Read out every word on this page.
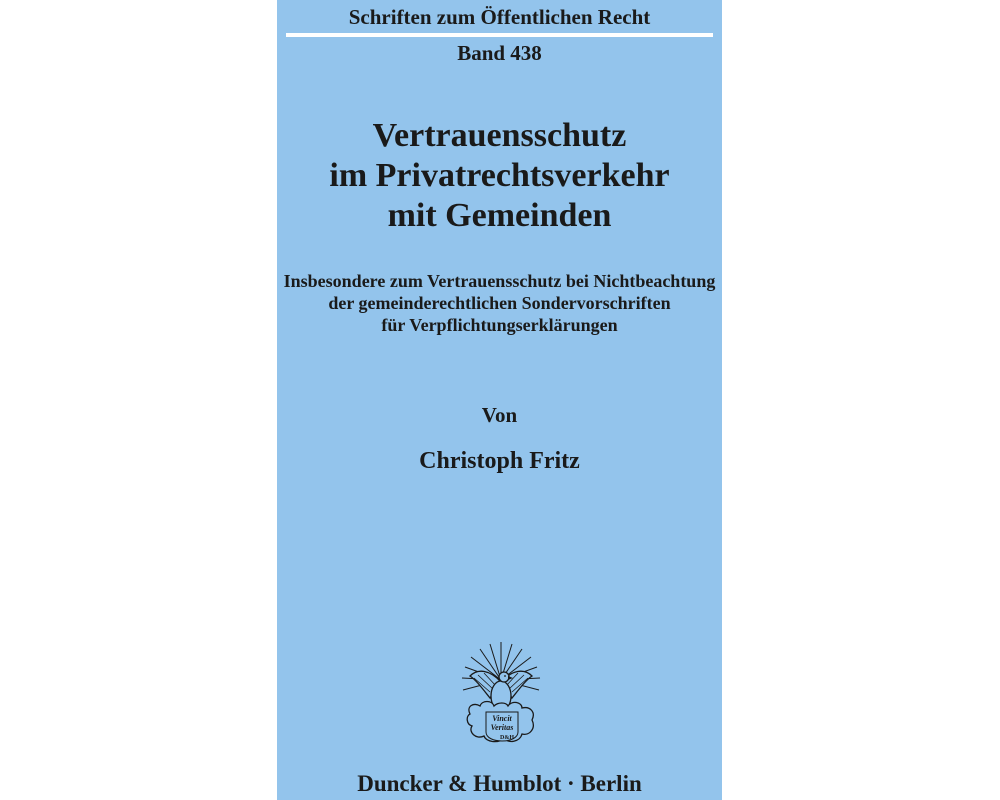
Schriften zum Öffentlichen Recht
Band 438
Vertrauensschutz
im Privatrechtsverkehr
mit Gemeinden
Insbesondere zum Vertrauensschutz bei Nichtbeachtung
der gemeinderechtlichen Sondervorschriften
für Verpflichtungserklärungen
Von
Christoph Fritz
Vincit
Veritas
D&H
Duncker & Humblot · Berlin
